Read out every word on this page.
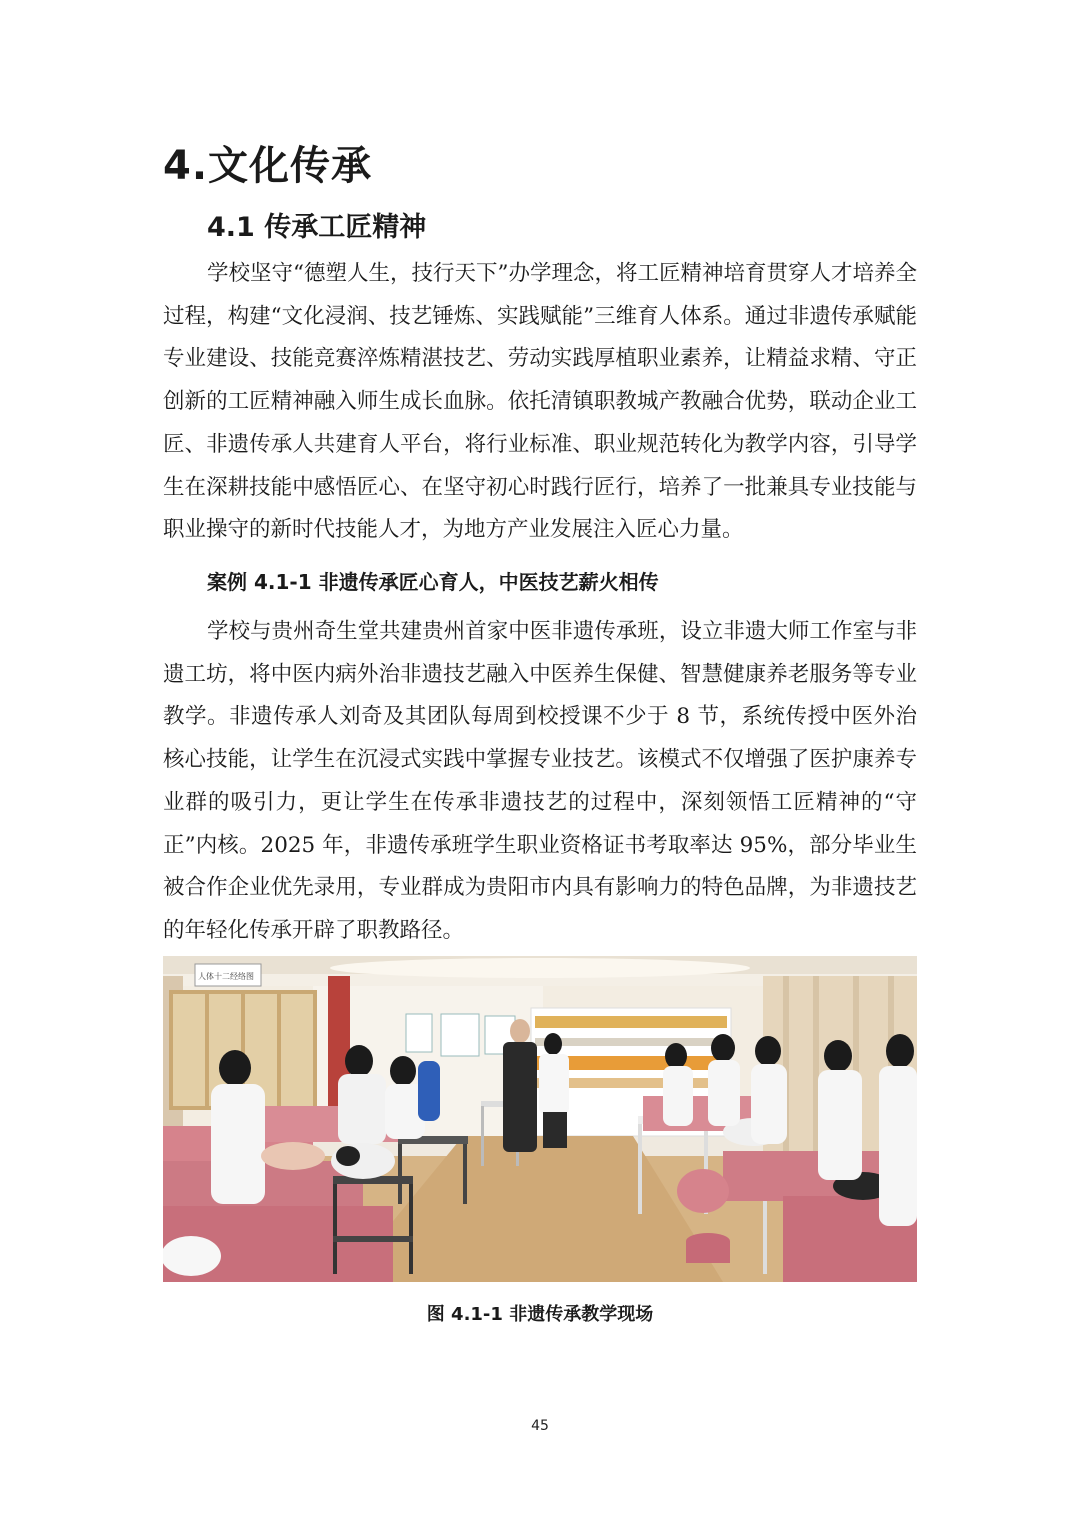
4.文化传承
4.1 传承工匠精神

学校坚守“德塑人生，技行天下”办学理念，将工匠精神培育贯穿人才培养全过程，构建“文化浸润、技艺锤炼、实践赋能”三维育人体系。通过非遗传承赋能专业建设、技能竞赛淬炼精湛技艺、劳动实践厚植职业素养，让精益求精、守正创新的工匠精神融入师生成长血脉。依托清镇职教城产教融合优势，联动企业工匠、非遗传承人共建育人平台，将行业标准、职业规范转化为教学内容，引导学生在深耕技能中感悟匠心、在坚守初心时践行匠行，培养了一批兼具专业技能与职业操守的新时代技能人才，为地方产业发展注入匠心力量。

案例 4.1-1 非遗传承匠心育人，中医技艺薪火相传

学校与贵州奇生堂共建贵州首家中医非遗传承班，设立非遗大师工作室与非遗工坊，将中医内病外治非遗技艺融入中医养生保健、智慧健康养老服务等专业教学。非遗传承人刘奇及其团队每周到校授课不少于 8 节，系统传授中医外治核心技能，让学生在沉浸式实践中掌握专业技艺。该模式不仅增强了医护康养专业群的吸引力，更让学生在传承非遗技艺的过程中，深刻领悟工匠精神的“守正”内核。2025 年，非遗传承班学生职业资格证书考取率达 95%，部分毕业生被合作企业优先录用，专业群成为贵阳市内具有影响力的特色品牌，为非遗技艺的年轻化传承开辟了职教路径。

人体十二经络图
图 4.1-1 非遗传承教学现场
45
